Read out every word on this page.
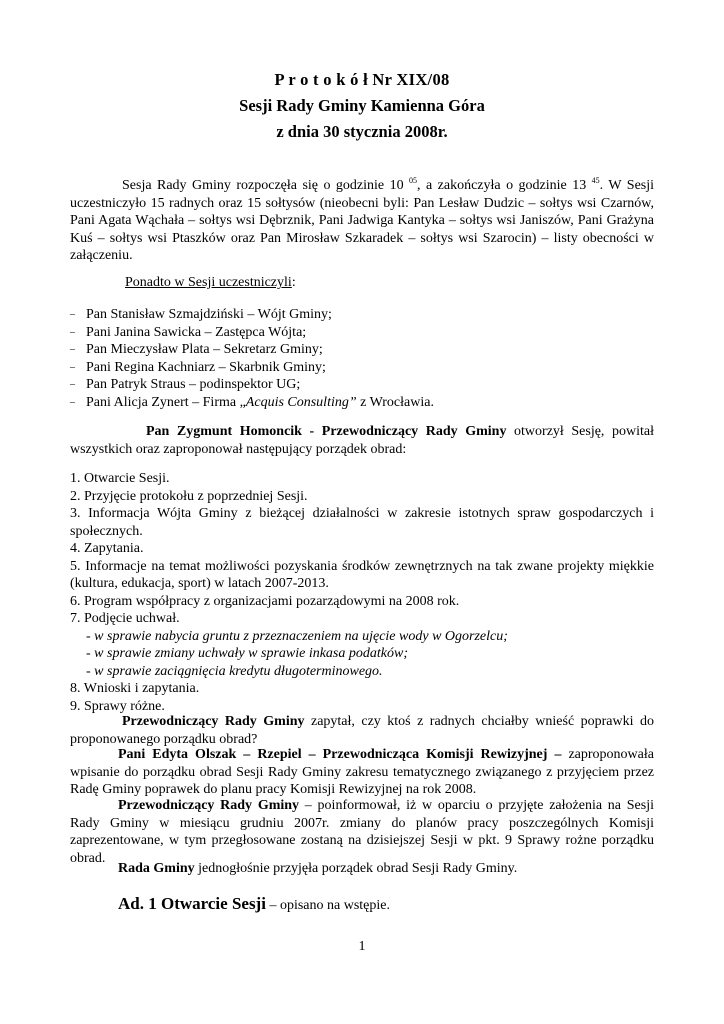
P r o t o k ó ł Nr XIX/08
Sesji Rady Gminy Kamienna Góra
z dnia 30 stycznia 2008r.
Sesja Rady Gminy rozpoczęła się o godzinie 10 $^{05}$, a zakończyła o godzinie 13 $^{45}$. W Sesji uczestniczyło 15 radnych oraz 15 sołtysów (nieobecni byli: Pan Lesław Dudzic – sołtys wsi Czarnów, Pani Agata Wąchała – sołtys wsi Dębrznik, Pani Jadwiga Kantyka – sołtys wsi Janiszów, Pani Grażyna Kuś – sołtys wsi Ptaszków oraz Pan Mirosław Szkaradek – sołtys wsi Szarocin) – listy obecności w załączeniu.
Ponadto w Sesji uczestniczyli:
– Pan Stanisław Szmajdziński – Wójt Gminy;
– Pani Janina Sawicka – Zastępca Wójta;
– Pan Mieczysław Plata – Sekretarz Gminy;
– Pani Regina Kachniarz – Skarbnik Gminy;
– Pan Patryk Straus – podinspektor UG;
– Pani Alicja Zynert – Firma „Acquis Consulting” z Wrocławia.
Pan Zygmunt Homoncik - Przewodniczący Rady Gminy otworzył Sesję, powitał wszystkich oraz zaproponował następujący porządek obrad:
1. Otwarcie Sesji.
2. Przyjęcie protokołu z poprzedniej Sesji.
3. Informacja Wójta Gminy z bieżącej działalności w zakresie istotnych spraw gospodarczych i społecznych.
4. Zapytania.
5. Informacje na temat możliwości pozyskania środków zewnętrznych na tak zwane projekty miękkie (kultura, edukacja, sport) w latach 2007-2013.
6. Program współpracy z organizacjami pozarządowymi na 2008 rok.
7. Podjęcie uchwał.
- w sprawie nabycia gruntu z przeznaczeniem na ujęcie wody w Ogorzelcu;
- w sprawie zmiany uchwały w sprawie inkasa podatków;
- w sprawie zaciągnięcia kredytu długoterminowego.
8. Wnioski i zapytania.
9. Sprawy różne.
Przewodniczący Rady Gminy zapytał, czy ktoś z radnych chciałby wnieść poprawki do proponowanego porządku obrad?
Pani Edyta Olszak – Rzepiel – Przewodnicząca Komisji Rewizyjnej – zaproponowała wpisanie do porządku obrad Sesji Rady Gminy zakresu tematycznego związanego z przyjęciem przez Radę Gminy poprawek do planu pracy Komisji Rewizyjnej na rok 2008.
Przewodniczący Rady Gminy – poinformował, iż w oparciu o przyjęte założenia na Sesji Rady Gminy w miesiącu grudniu 2007r. zmiany do planów pracy poszczególnych Komisji zaprezentowane, w tym przegłosowane zostaną na dzisiejszej Sesji w pkt. 9 Sprawy rożne porządku obrad.
Rada Gminy jednogłośnie przyjęła porządek obrad Sesji Rady Gminy.
Ad. 1 Otwarcie Sesji – opisano na wstępie.
1
